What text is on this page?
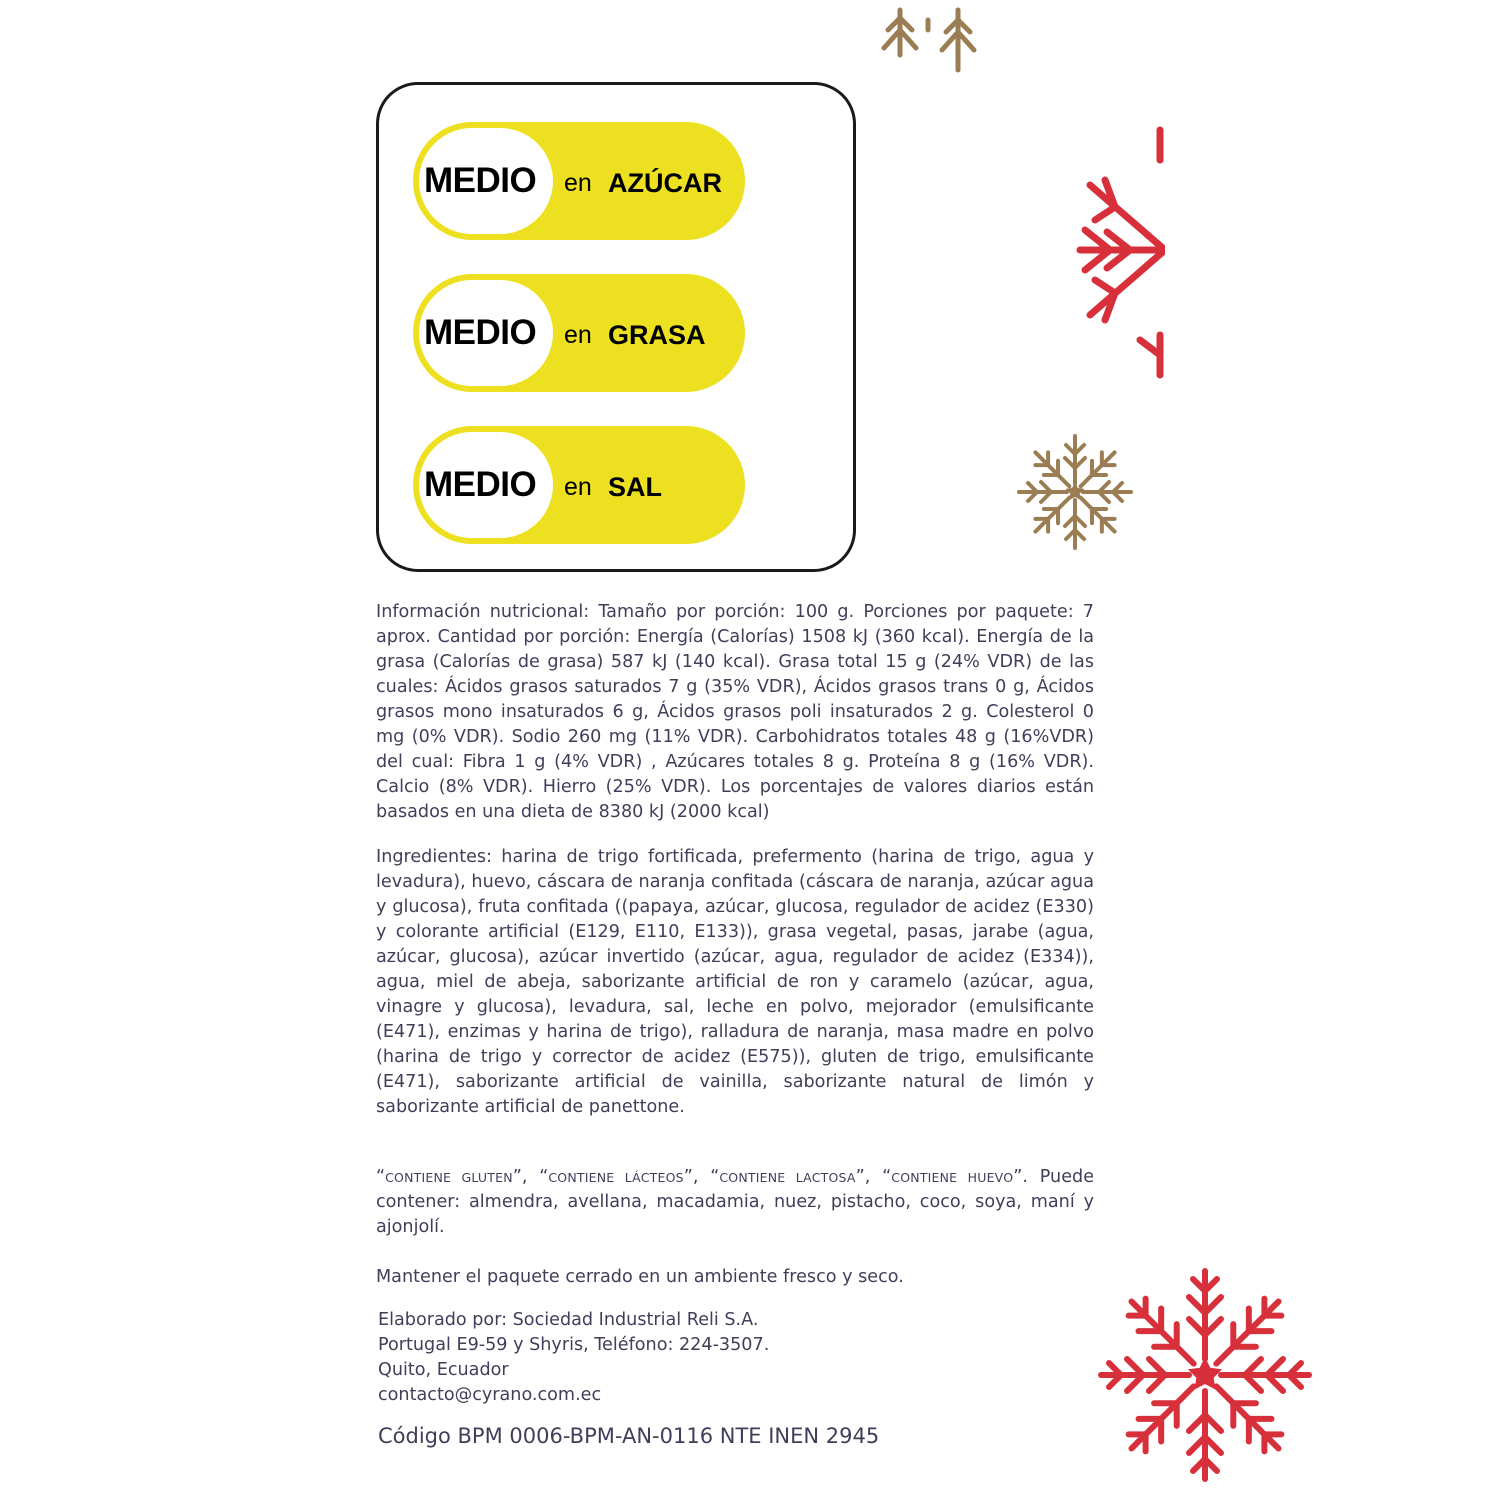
MEDIO en AZÚCAR
MEDIO en GRASA
MEDIO en SAL

Información nutricional: Tamaño por porción: 100 g. Porciones por paquete: 7 aprox. Cantidad por porción: Energía (Calorías) 1508 kJ (360 kcal). Energía de la grasa (Calorías de grasa) 587 kJ (140 kcal). Grasa total 15 g (24% VDR) de las cuales: Ácidos grasos saturados 7 g (35% VDR), Ácidos grasos trans 0 g, Ácidos grasos mono insaturados 6 g, Ácidos grasos poli insaturados 2 g. Colesterol 0 mg (0% VDR). Sodio 260 mg (11% VDR). Carbohidratos totales 48 g (16%VDR) del cual: Fibra 1 g (4% VDR) , Azúcares totales 8 g. Proteína 8 g (16% VDR). Calcio (8% VDR). Hierro (25% VDR). Los porcentajes de valores diarios están basados en una dieta de 8380 kJ (2000 kcal)

Ingredientes: harina de trigo fortificada, prefermento (harina de trigo, agua y levadura), huevo, cáscara de naranja confitada (cáscara de naranja, azúcar agua y glucosa), fruta confitada ((papaya, azúcar, glucosa, regulador de acidez (E330) y colorante artificial (E129, E110, E133)), grasa vegetal, pasas, jarabe (agua, azúcar, glucosa), azúcar invertido (azúcar, agua, regulador de acidez (E334)), agua, miel de abeja, saborizante artificial de ron y caramelo (azúcar, agua, vinagre y glucosa), levadura, sal, leche en polvo, mejorador (emulsificante (E471), enzimas y harina de trigo), ralladura de naranja, masa madre en polvo (harina de trigo y corrector de acidez (E575)), gluten de trigo, emulsificante (E471), saborizante artificial de vainilla, saborizante natural de limón y saborizante artificial de panettone.

“CONTIENE GLUTEN”, “CONTIENE LÁCTEOS”, “CONTIENE LACTOSA”, “CONTIENE HUEVO”. Puede contener: almendra, avellana, macadamia, nuez, pistacho, coco, soya, maní y ajonjolí.

Mantener el paquete cerrado en un ambiente fresco y seco.

Elaborado por: Sociedad Industrial Reli S.A.
Portugal E9-59 y Shyris, Teléfono: 224-3507.
Quito, Ecuador
contacto@cyrano.com.ec

Código BPM 0006-BPM-AN-0116 NTE INEN 2945
